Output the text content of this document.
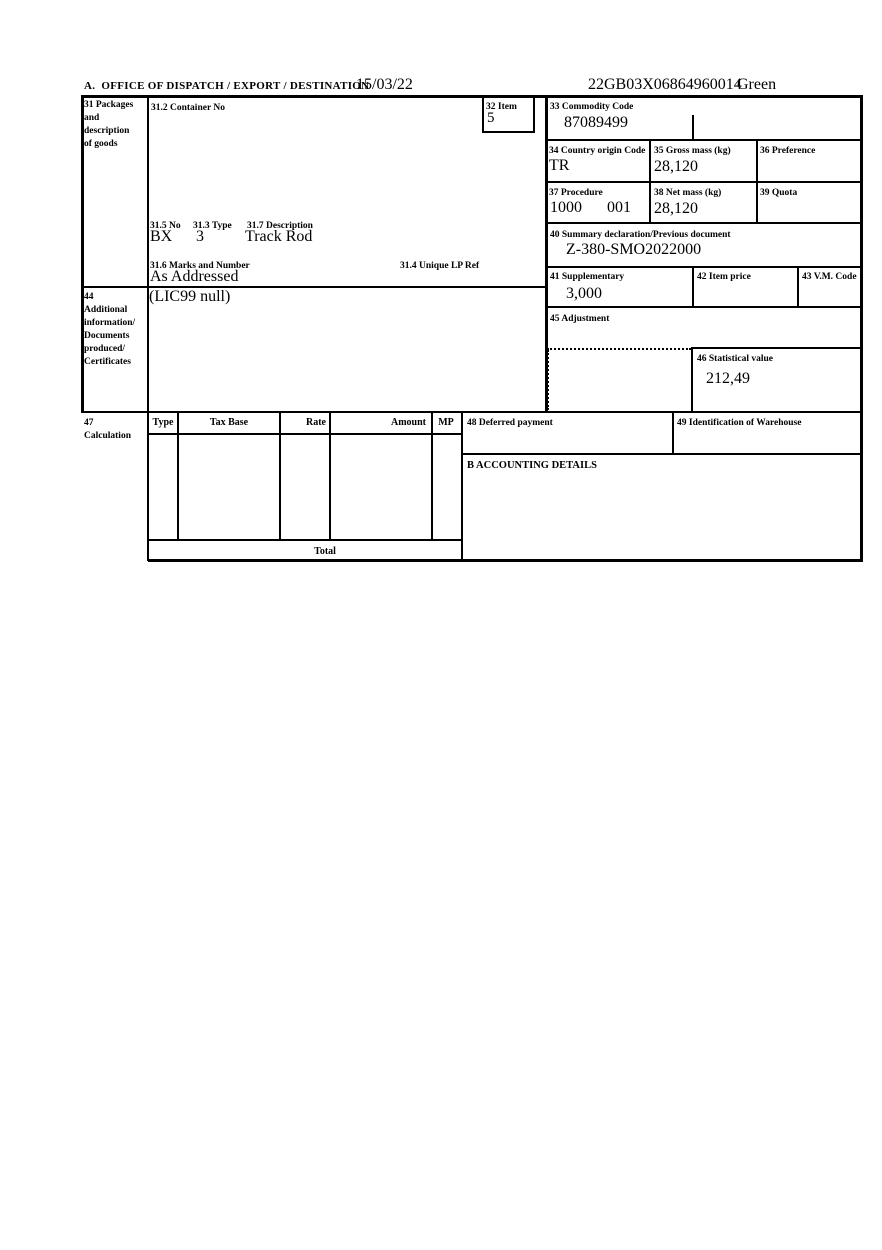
A.  OFFICE OF DISPATCH / EXPORT / DESTINATION
15/03/22	22GB03X06864960014
Green
31 Packages
and
description
of goods
31.2 Container No	32 Item
5
31.5 No 31.3 Type 31.7 Description
BX 3	Track Rod
31.6 Marks and Number	31.4 Unique LP Ref
As Addressed
33 Commodity Code
87089499
34 Country origin Code
TR
35 Gross mass (kg)
28,120
36 Preference
37 Procedure
1000 001
38 Net mass (kg)
28,120
39 Quota
40 Summary declaration/Previous document
Z-380-SMO2022000
41 Supplementary
3,000
42 Item price	43 V.M. Code
45 Adjustment
46 Statistical value
212,49
44
Additional
information/
Documents
produced/
Certificates
(LIC99 null)
47
Calculation
Type	Tax Base	Rate	Amount	MP
Total
48 Deferred payment	49 Identification of Warehouse
B ACCOUNTING DETAILS
